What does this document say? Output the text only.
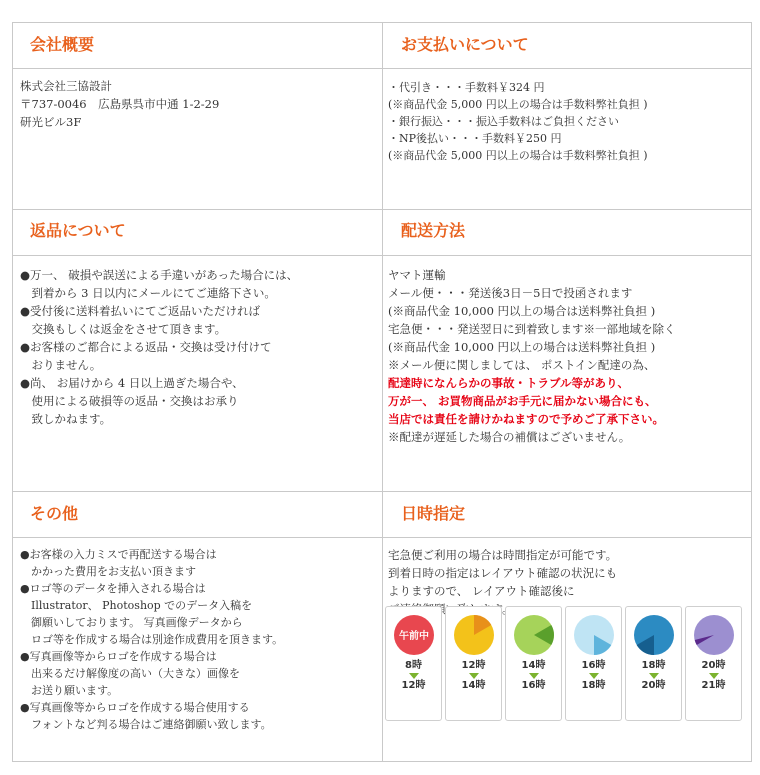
会社概要

株式会社三協設計

〒737-0046　広島県呉市中通 1-2-29

研光ビル3F

お支払いについて

・代引き・・・手数料￥324 円

(※商品代金 5,000 円以上の場合は手数料弊社負担 )

・銀行振込・・・振込手数料はご負担ください

・NP後払い・・・手数料￥250 円

(※商品代金 5,000 円以上の場合は手数料弊社負担 )

返品について

●万一、 破損や誤送による手違いがあった場合には、

　到着から 3 日以内にメールにてご連絡下さい。

●受付後に送料着払いにてご返品いただければ

　交換もしくは返金をさせて頂きます。

●お客様のご都合による返品・交換は受け付けて

　おりません。

●尚、 お届けから 4 日以上過ぎた場合や、

　使用による破損等の返品・交換はお承り

　致しかねます。

配送方法

ヤマト運輸

メール便・・・発送後3日－5日で投函されます

(※商品代金 10,000 円以上の場合は送料弊社負担 )

宅急便・・・発送翌日に到着致します※一部地域を除く

(※商品代金 10,000 円以上の場合は送料弊社負担 )

※メール便に関しましては、 ポストイン配達の為、

配達時になんらかの事故・トラブル等があり、

万が一、 お買物商品がお手元に届かない場合にも、

当店では責任を請けかねますので予めご了承下さい。

※配達が遅延した場合の補償はございません。

その他

●お客様の入力ミスで再配送する場合は

　かかった費用をお支払い頂きます

●ロゴ等のデータを挿入される場合は

　Illustrator、 Photoshop でのデータ入稿を

　御願いしております。 写真画像データから

　ロゴ等を作成する場合は別途作成費用を頂きます。

●写真画像等からロゴを作成する場合は

　出来るだけ解像度の高い（大きな）画像を

　お送り願います。

●写真画像等からロゴを作成する場合使用する

　フォントなど判る場合はご連絡御願い致します。

日時指定

宅急便ご利用の場合は時間指定が可能です。

到着日時の指定はレイアウト確認の状況にも

よりますので、 レイアウト確認後に

午前中
8時
12時
12時
14時
14時
16時
16時
18時
18時
20時
20時
21時
